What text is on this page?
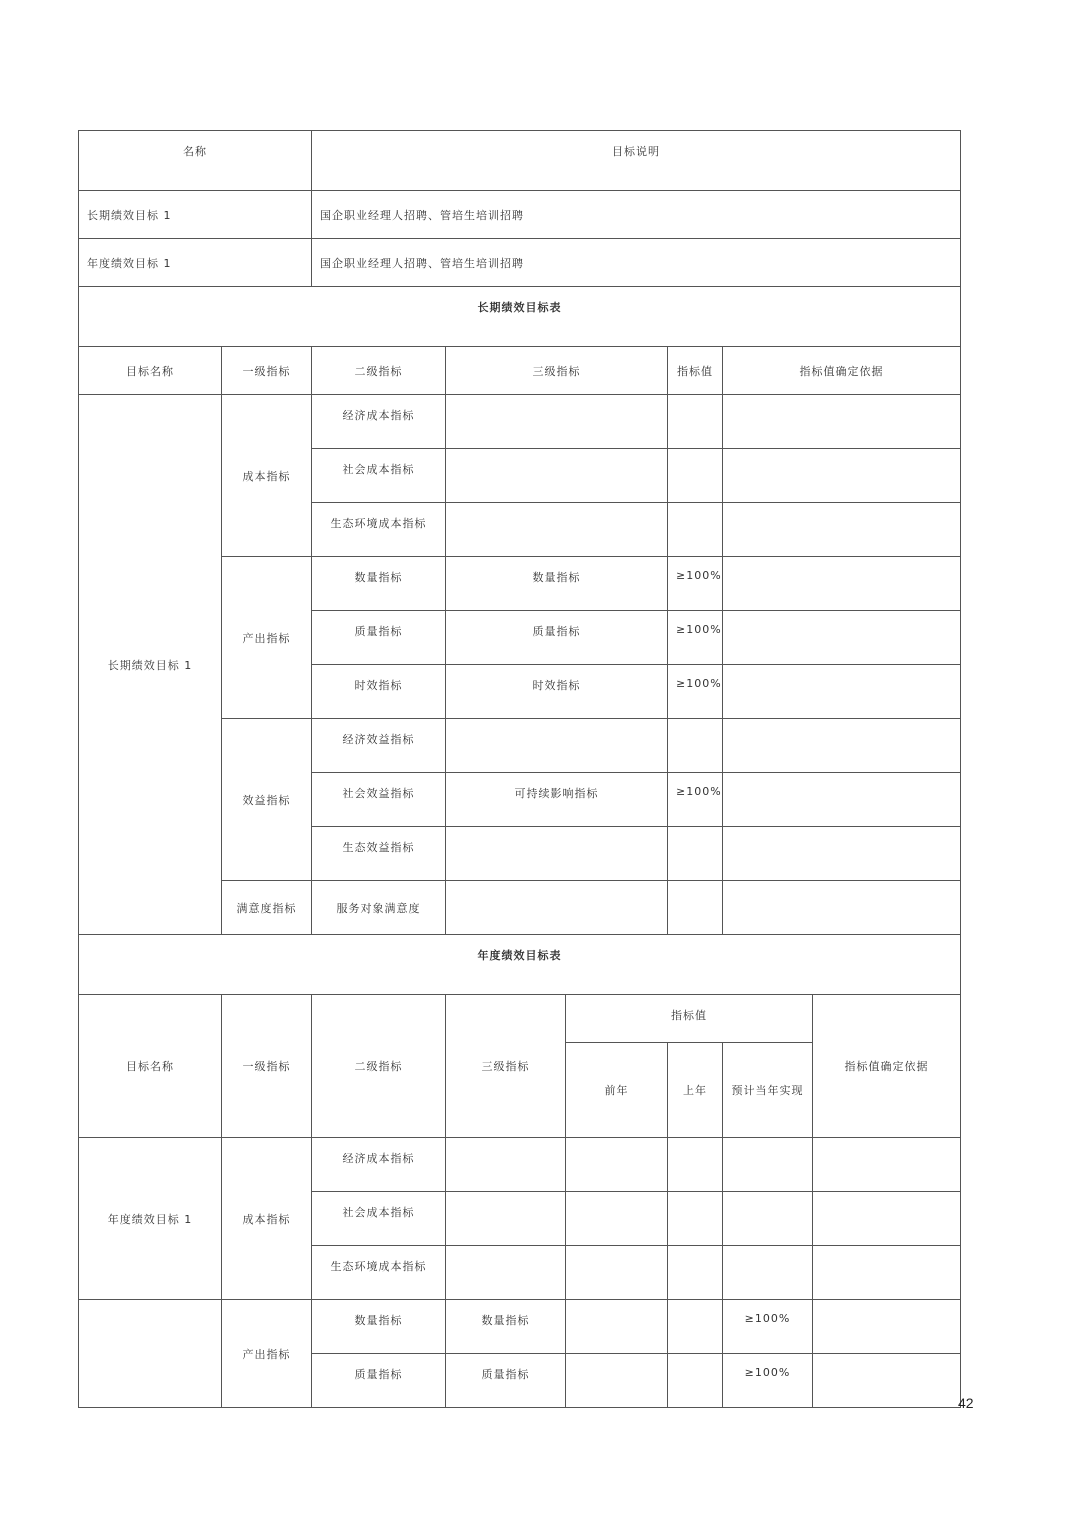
名称	目标说明
长期绩效目标 1	国企职业经理人招聘、管培生培训招聘
年度绩效目标 1	国企职业经理人招聘、管培生培训招聘
长期绩效目标表					
目标名称	一级指标	二级指标	三级指标	指标值	指标值确定依据
长期绩效目标 1	成本指标	经济成本指标			
		社会成本指标			
		生态环境成本指标			
	产出指标	数量指标	数量指标	≥100%	
		质量指标	质量指标	≥100%	
		时效指标	时效指标	≥100%	
	效益指标	经济效益指标			
		社会效益指标	可持续影响指标	≥100%	
		生态效益指标			
	满意度指标	服务对象满意度			
年度绩效目标表							
目标名称	一级指标	二级指标	三级指标	指标值			指标值确定依据
				前年	上年	预计当年实现	
年度绩效目标 1	成本指标	经济成本指标					
		社会成本指标					
		生态环境成本指标					
	产出指标	数量指标	数量指标			≥100%	
		质量指标	质量指标			≥100%	
42
